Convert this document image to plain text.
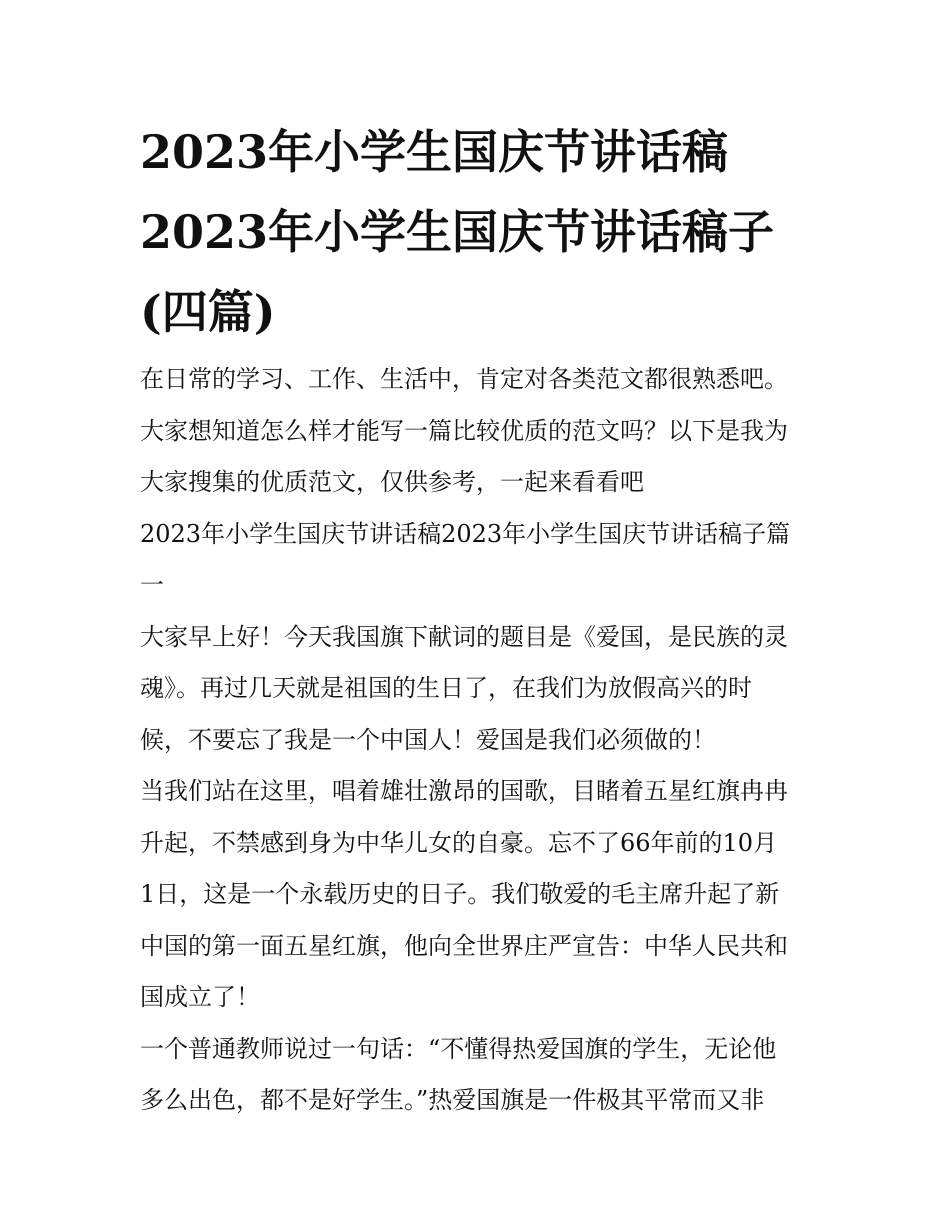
2023年小学生国庆节讲话稿
2023年小学生国庆节讲话稿子
(四篇)

在日常的学习、工作、生活中，肯定对各类范文都很熟悉吧。
大家想知道怎么样才能写一篇比较优质的范文吗？以下是我为
大家搜集的优质范文，仅供参考，一起来看看吧

2023年小学生国庆节讲话稿2023年小学生国庆节讲话稿子篇
一

大家早上好！今天我国旗下献词的题目是《爱国，是民族的灵
魂》。再过几天就是祖国的生日了，在我们为放假高兴的时
候，不要忘了我是一个中国人！爱国是我们必须做的！

当我们站在这里，唱着雄壮激昂的国歌，目睹着五星红旗冉冉
升起，不禁感到身为中华儿女的自豪。忘不了66年前的10月
1日，这是一个永载历史的日子。我们敬爱的毛主席升起了新
中国的第一面五星红旗，他向全世界庄严宣告：中华人民共和
国成立了！

一个普通教师说过一句话：“不懂得热爱国旗的学生，无论他
多么出色，都不是好学生。”热爱国旗是一件极其平常而又非
